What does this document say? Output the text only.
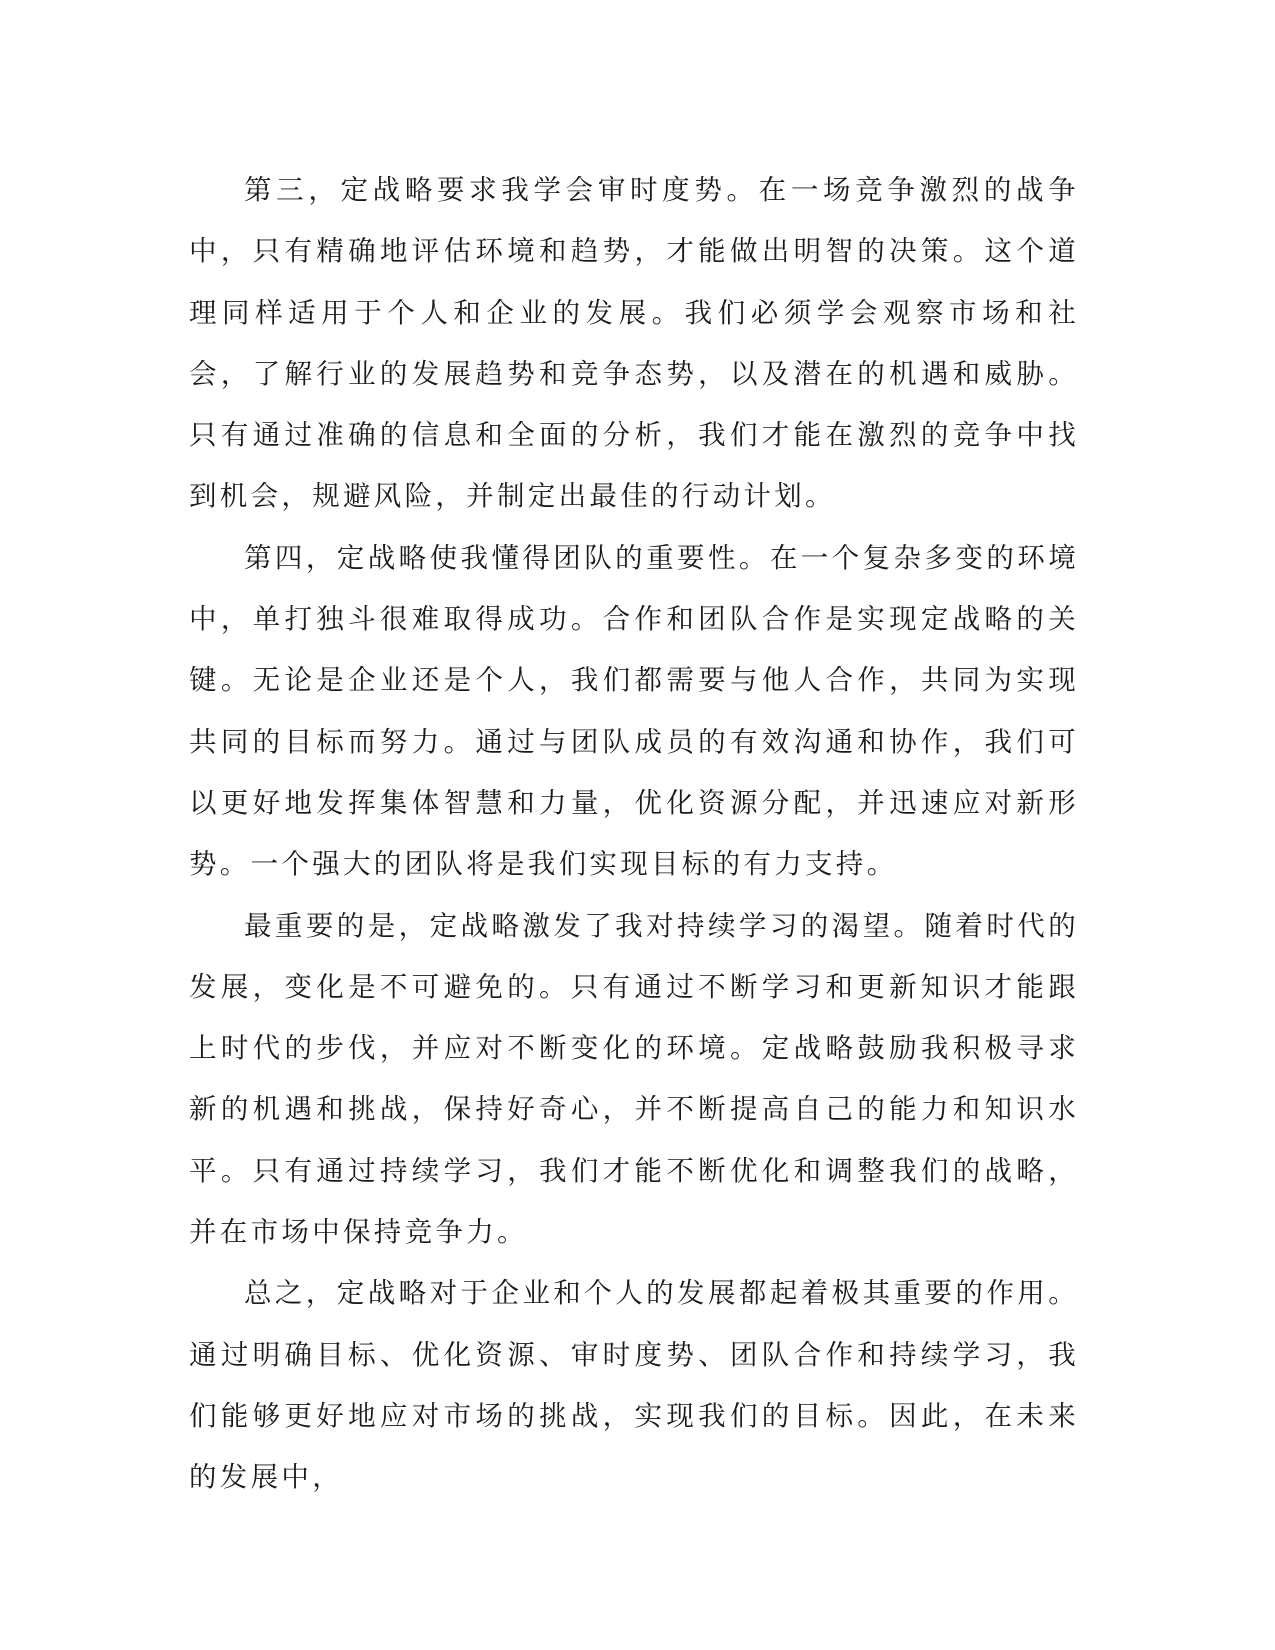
第三，定战略要求我学会审时度势。在一场竞争激烈的战争中，只有精确地评估环境和趋势，才能做出明智的决策。这个道理同样适用于个人和企业的发展。我们必须学会观察市场和社会，了解行业的发展趋势和竞争态势，以及潜在的机遇和威胁。只有通过准确的信息和全面的分析，我们才能在激烈的竞争中找到机会，规避风险，并制定出最佳的行动计划。

第四，定战略使我懂得团队的重要性。在一个复杂多变的环境中，单打独斗很难取得成功。合作和团队合作是实现定战略的关键。无论是企业还是个人，我们都需要与他人合作，共同为实现共同的目标而努力。通过与团队成员的有效沟通和协作，我们可以更好地发挥集体智慧和力量，优化资源分配，并迅速应对新形势。一个强大的团队将是我们实现目标的有力支持。

最重要的是，定战略激发了我对持续学习的渴望。随着时代的发展，变化是不可避免的。只有通过不断学习和更新知识才能跟上时代的步伐，并应对不断变化的环境。定战略鼓励我积极寻求新的机遇和挑战，保持好奇心，并不断提高自己的能力和知识水平。只有通过持续学习，我们才能不断优化和调整我们的战略，并在市场中保持竞争力。

总之，定战略对于企业和个人的发展都起着极其重要的作用。通过明确目标、优化资源、审时度势、团队合作和持续学习，我们能够更好地应对市场的挑战，实现我们的目标。因此，在未来的发展中，
